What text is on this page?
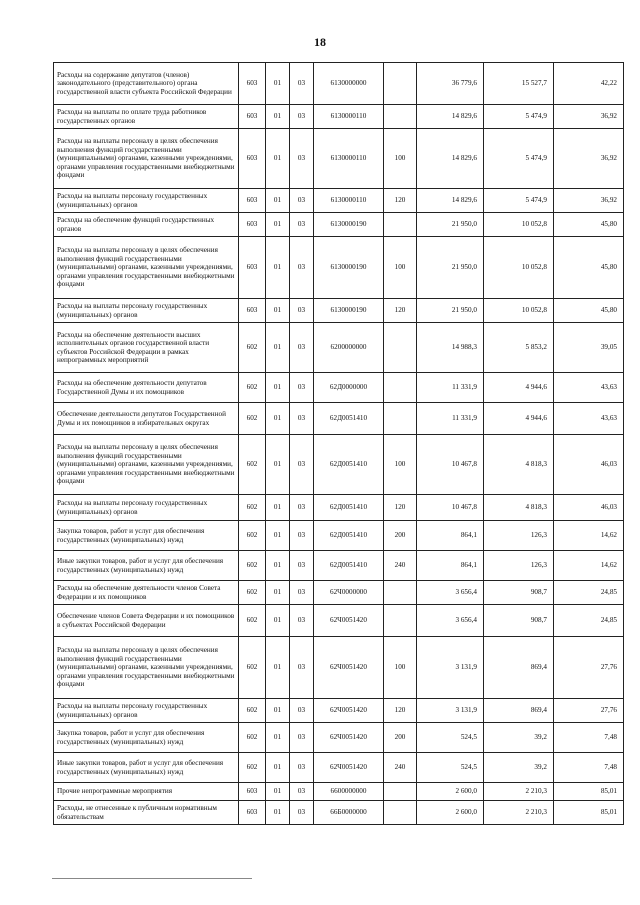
18
Расходы на содержание депутатов (членов) законодательного (представительного) органа государственной власти субъекта Российской Федерации	603	01	03	6130000000		36 779,6	15 527,7	42,22
Расходы на выплаты по оплате труда работников государственных органов	603	01	03	6130000110		14 829,6	5 474,9	36,92
Расходы на выплаты персоналу в целях обеспечения выполнения функций государственными (муниципальными) органами, казенными учреждениями, органами управления государственными внебюджетными фондами	603	01	03	6130000110	100	14 829,6	5 474,9	36,92
Расходы на выплаты персоналу государственных (муниципальных) органов	603	01	03	6130000110	120	14 829,6	5 474,9	36,92
Расходы на обеспечение функций государственных органов	603	01	03	6130000190		21 950,0	10 052,8	45,80
Расходы на выплаты персоналу в целях обеспечения выполнения функций государственными (муниципальными) органами, казенными учреждениями, органами управления государственными внебюджетными фондами	603	01	03	6130000190	100	21 950,0	10 052,8	45,80
Расходы на выплаты персоналу государственных (муниципальных) органов	603	01	03	6130000190	120	21 950,0	10 052,8	45,80
Расходы на обеспечение деятельности высших исполнительных органов государственной власти субъектов Российской Федерации в рамках непрограммных мероприятий	602	01	03	6200000000		14 988,3	5 853,2	39,05
Расходы на обеспечение деятельности депутатов Государственной Думы и их помощников	602	01	03	62Д0000000		11 331,9	4 944,6	43,63
Обеспечение деятельности депутатов Государственной Думы и их помощников в избирательных округах	602	01	03	62Д0051410		11 331,9	4 944,6	43,63
Расходы на выплаты персоналу в целях обеспечения выполнения функций государственными (муниципальными) органами, казенными учреждениями, органами управления государственными внебюджетными фондами	602	01	03	62Д0051410	100	10 467,8	4 818,3	46,03
Расходы на выплаты персоналу государственных (муниципальных) органов	602	01	03	62Д0051410	120	10 467,8	4 818,3	46,03
Закупка товаров, работ и услуг для обеспечения государственных (муниципальных) нужд	602	01	03	62Д0051410	200	864,1	126,3	14,62
Иные закупки товаров, работ и услуг для обеспечения государственных (муниципальных) нужд	602	01	03	62Д0051410	240	864,1	126,3	14,62
Расходы на обеспечение деятельности членов Совета Федерации и их помощников	602	01	03	62Ч0000000		3 656,4	908,7	24,85
Обеспечение членов Совета Федерации и их помощников в субъектах Российской Федерации	602	01	03	62Ч0051420		3 656,4	908,7	24,85
Расходы на выплаты персоналу в целях обеспечения выполнения функций государственными (муниципальными) органами, казенными учреждениями, органами управления государственными внебюджетными фондами	602	01	03	62Ч0051420	100	3 131,9	869,4	27,76
Расходы на выплаты персоналу государственных (муниципальных) органов	602	01	03	62Ч0051420	120	3 131,9	869,4	27,76
Закупка товаров, работ и услуг для обеспечения государственных (муниципальных) нужд	602	01	03	62Ч0051420	200	524,5	39,2	7,48
Иные закупки товаров, работ и услуг для обеспечения государственных (муниципальных) нужд	602	01	03	62Ч0051420	240	524,5	39,2	7,48
Прочие непрограммные мероприятия	603	01	03	6600000000		2 600,0	2 210,3	85,01
Расходы, не отнесенные к публичным нормативным обязательствам	603	01	03	66Б0000000		2 600,0	2 210,3	85,01
